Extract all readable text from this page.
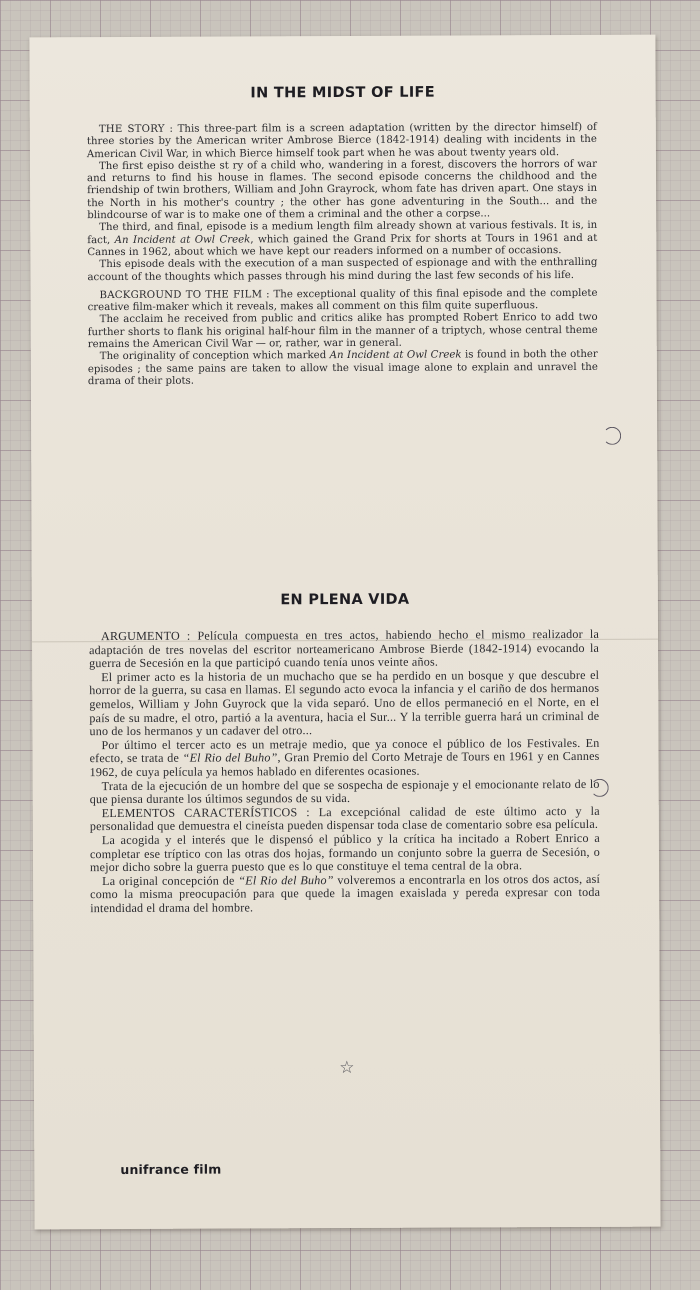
IN THE MIDST OF LIFE

THE STORY : This three-part film is a screen adaptation (written by the director himself) of three stories by the American writer Ambrose Bierce (1842-1914) dealing with incidents in the American Civil War, in which Bierce himself took part when he was about twenty years old.

The first episo deisthe st ry of a child who, wandering in a forest, discovers the horrors of war and returns to find his house in flames. The second episode concerns the childhood and the friendship of twin brothers, William and John Grayrock, whom fate has driven apart. One stays in the North in his mother's country ; the other has gone adventuring in the South... and the blindcourse of war is to make one of them a criminal and the other a corpse...

The third, and final, episode is a medium length film already shown at various festivals. It is, in fact, An Incident at Owl Creek, which gained the Grand Prix for shorts at Tours in 1961 and at Cannes in 1962, about which we have kept our readers informed on a number of occasions.

This episode deals with the execution of a man suspected of espionage and with the enthralling account of the thoughts which passes through his mind during the last few seconds of his life.

BACKGROUND TO THE FILM : The exceptional quality of this final episode and the complete creative film-maker which it reveals, makes all comment on this film quite superfluous.

The acclaim he received from public and critics alike has prompted Robert Enrico to add two further shorts to flank his original half-hour film in the manner of a triptych, whose central theme remains the American Civil War — or, rather, war in general.

The originality of conception which marked An Incident at Owl Creek is found in both the other episodes ; the same pains are taken to allow the visual image alone to explain and unravel the drama of their plots.

EN PLENA VIDA

ARGUMENTO : Película compuesta en tres actos, habiendo hecho el mismo realizador la adaptación de tres novelas del escritor norteamericano Ambrose Bierde (1842-1914) evocando la guerra de Secesión en la que participó cuando tenía unos veinte años.

El primer acto es la historia de un muchacho que se ha perdido en un bosque y que descubre el horror de la guerra, su casa en llamas. El segundo acto evoca la infancia y el cariño de dos hermanos gemelos, William y John Guyrock que la vida separó. Uno de ellos permaneció en el Norte, en el país de su madre, el otro, partió a la aventura, hacia el Sur... Y la terrible guerra hará un criminal de uno de los hermanos y un cadaver del otro...

Por último el tercer acto es un metraje medio, que ya conoce el público de los Festivales. En efecto, se trata de “El Rio del Buho”, Gran Premio del Corto Metraje de Tours en 1961 y en Cannes 1962, de cuya película ya hemos hablado en diferentes ocasiones.

Trata de la ejecución de un hombre del que se sospecha de espionaje y el emocionante relato de lo que piensa durante los últimos segundos de su vida.

ELEMENTOS CARACTERÍSTICOS : La excepciónal calidad de este último acto y la personalidad que demuestra el cineísta pueden dispensar toda clase de comentario sobre esa película.

La acogida y el interés que le dispensó el público y la crítica ha incitado a Robert Enrico a completar ese tríptico con las otras dos hojas, formando un conjunto sobre la guerra de Secesión, o mejor dicho sobre la guerra puesto que es lo que constituye el tema central de la obra.

La original concepción de “El Rio del Buho” volveremos a encontrarla en los otros dos actos, así como la misma preocupación para que quede la imagen exaislada y pereda expresar con toda intendidad el drama del hombre.

☆
unifrance film
